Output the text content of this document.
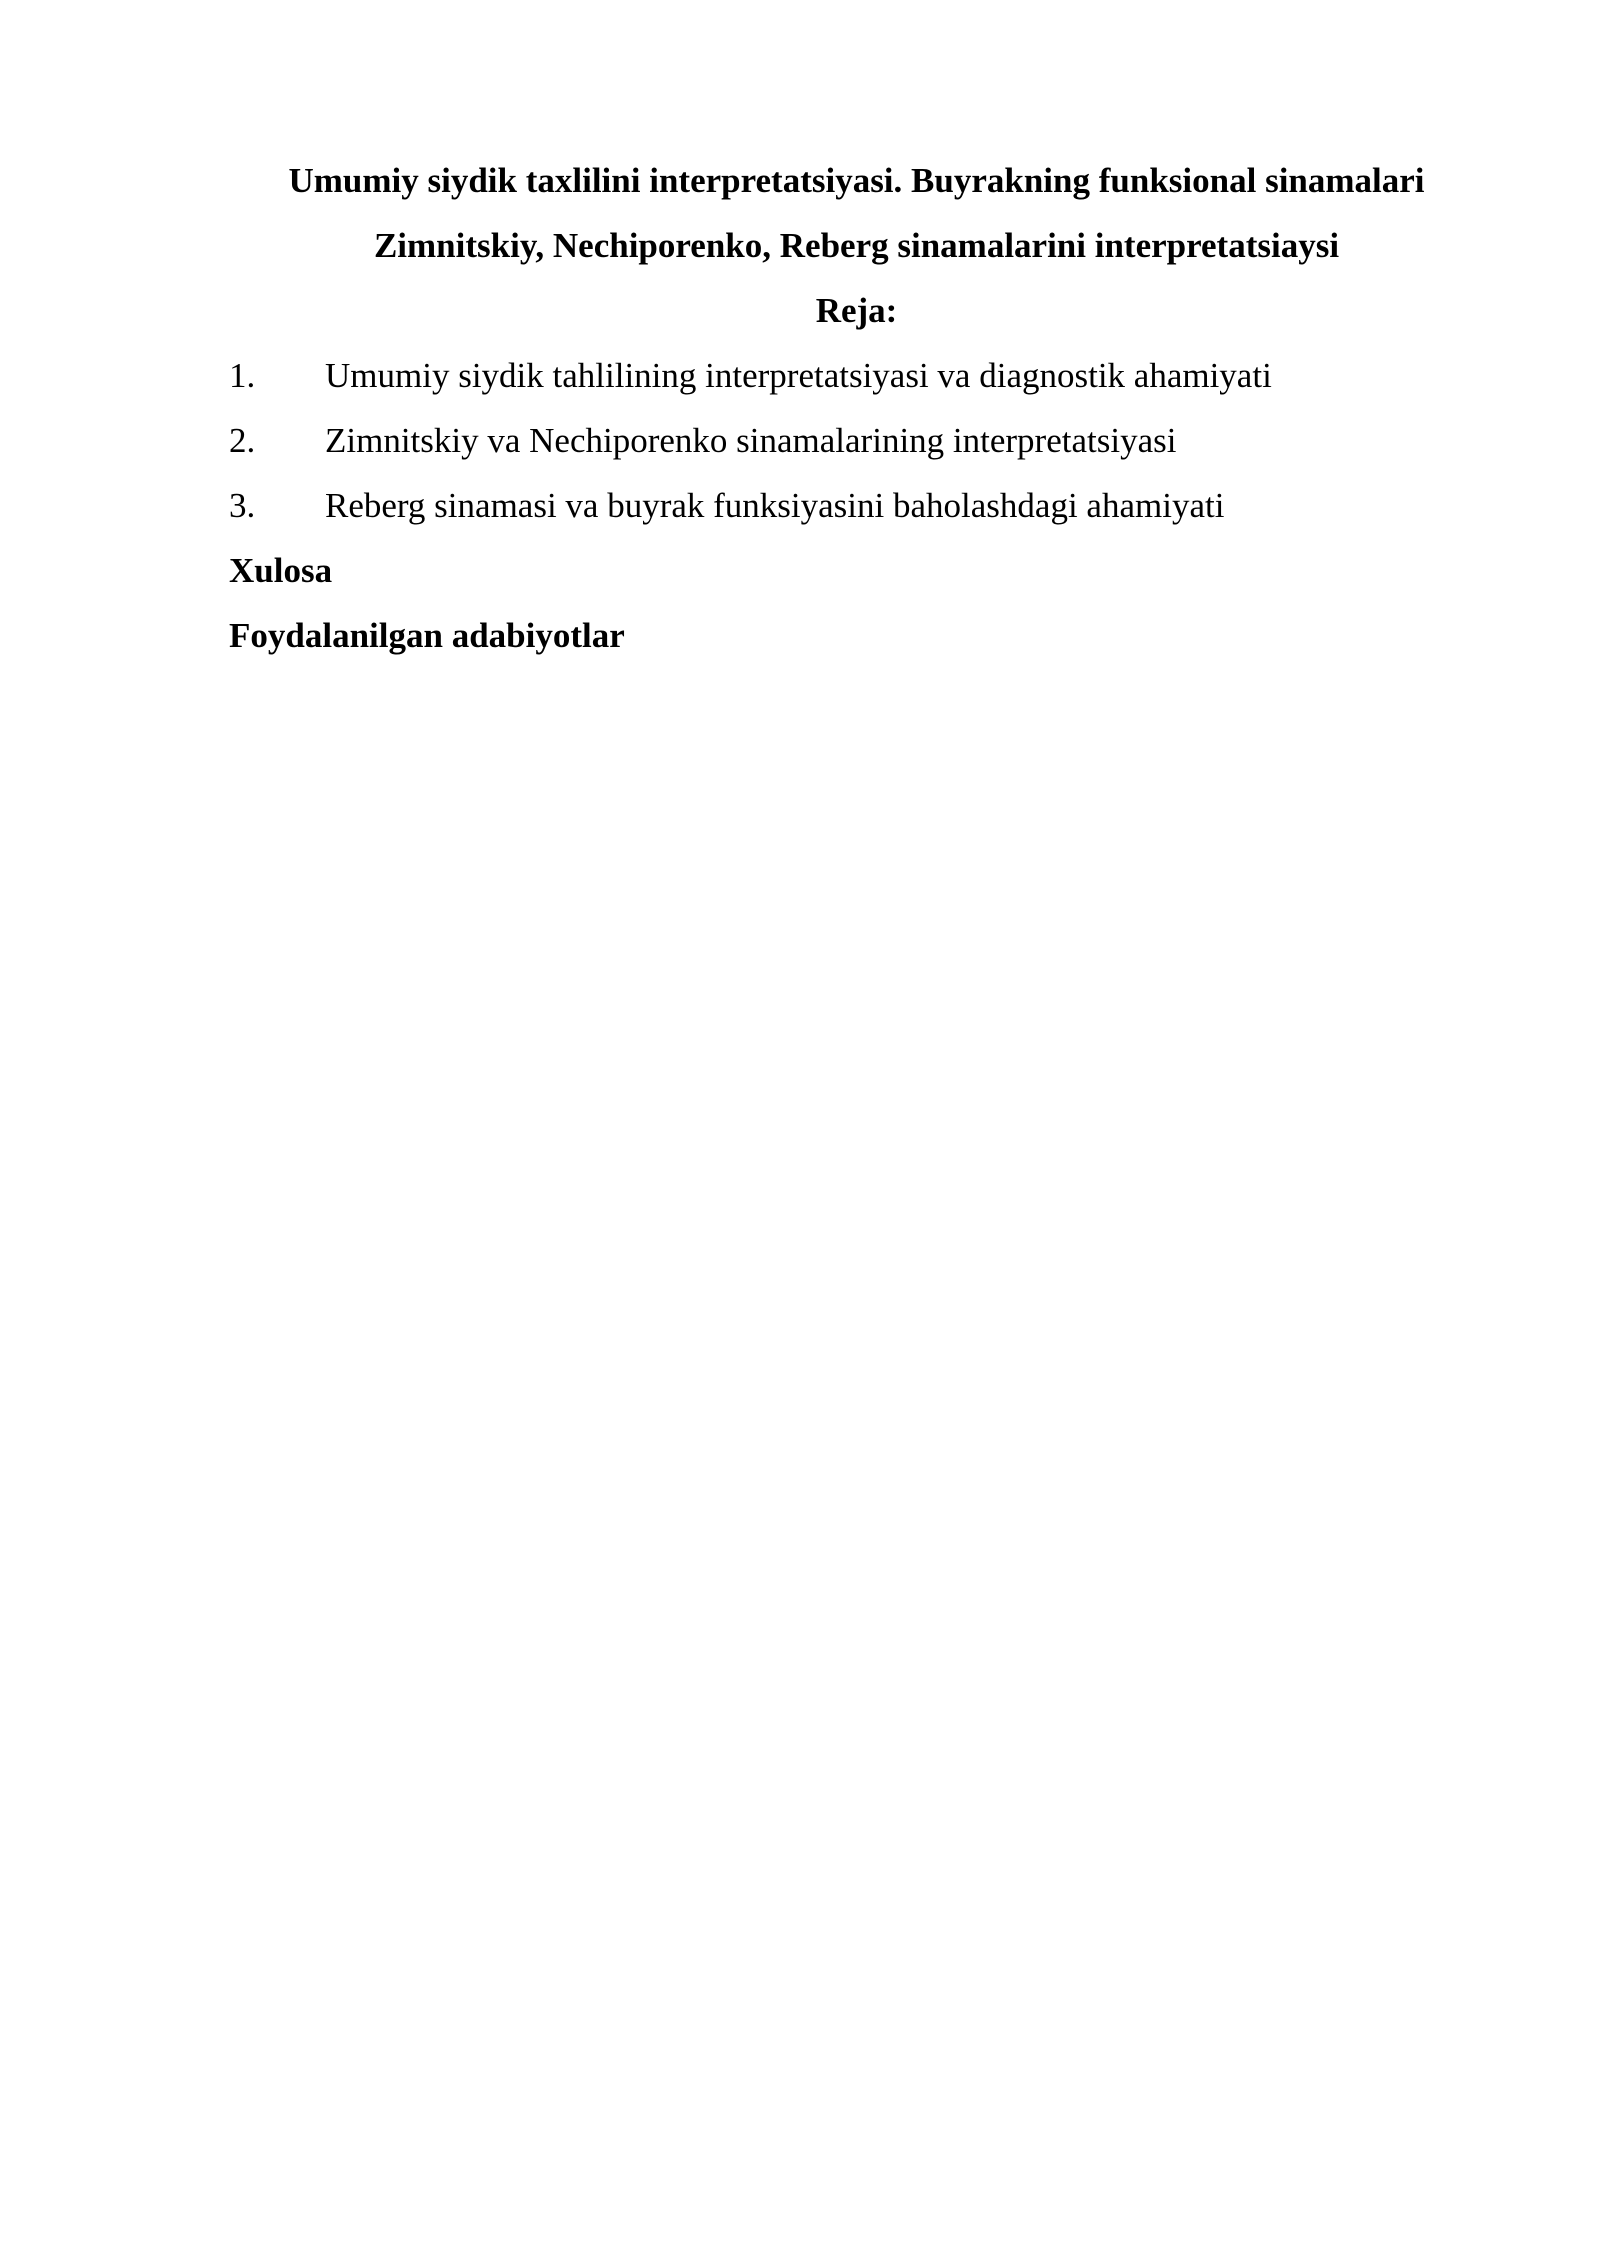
Umumiy siydik taxlilini interpretatsiyasi. Buyrakning funksional sinamalari

Zimnitskiy, Nechiporenko, Reberg sinamalarini interpretatsiaysi

Reja:

1.	Umumiy siydik tahlilining interpretatsiyasi va diagnostik ahamiyati
2.	Zimnitskiy va Nechiporenko sinamalarining interpretatsiyasi
3.	Reberg sinamasi va buyrak funksiyasini baholashdagi ahamiyati

Xulosa

Foydalanilgan adabiyotlar
